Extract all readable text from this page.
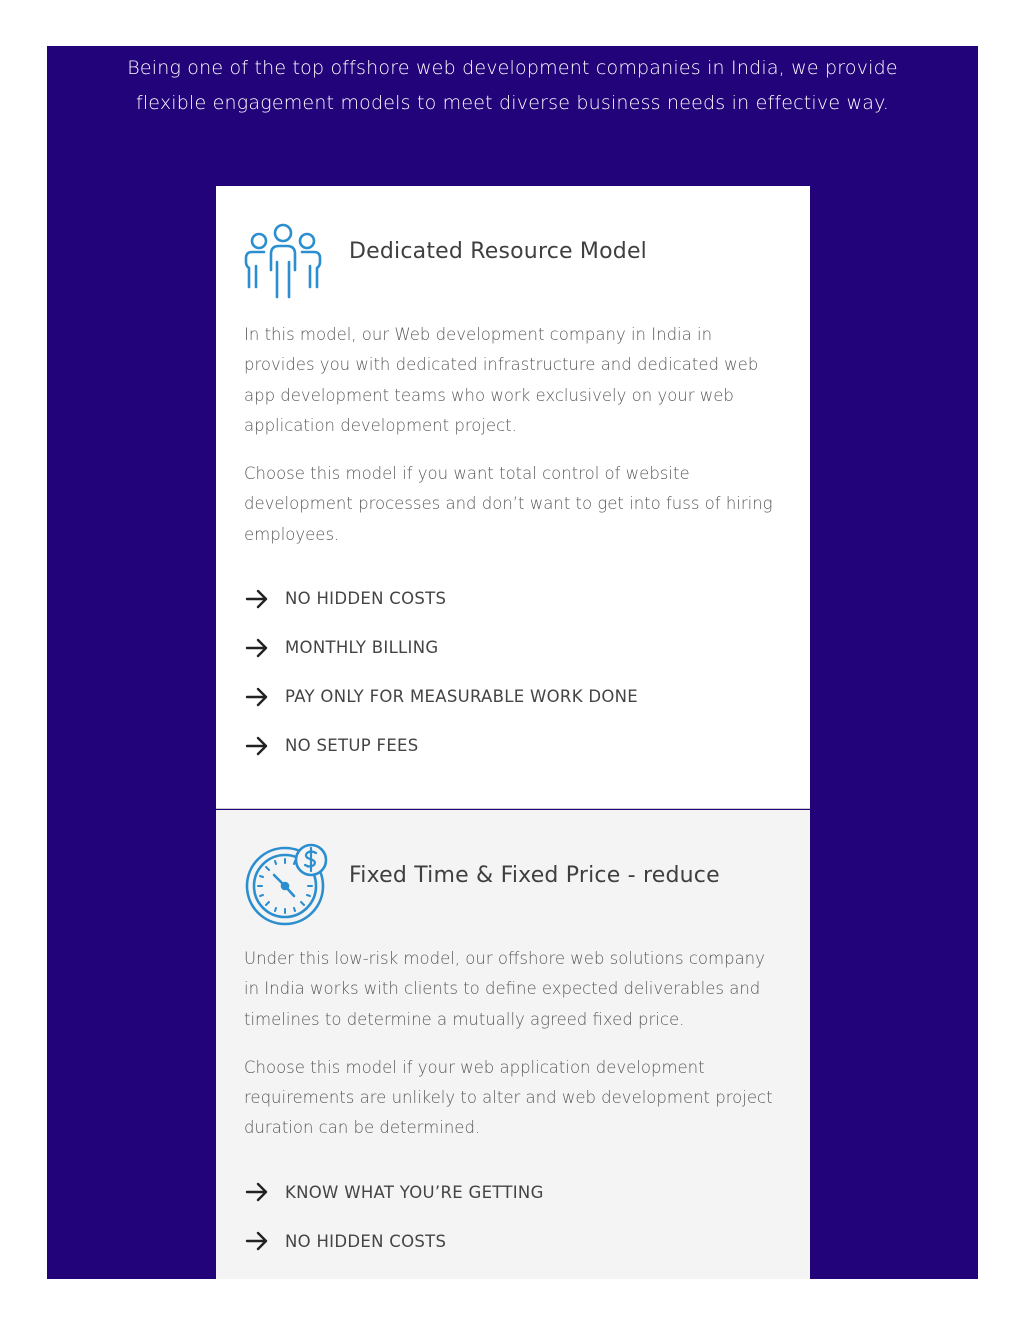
Being one of the top offshore web development companies in India, we provide flexible engagement models to meet diverse business needs in effective way.

Dedicated Resource Model

In this model, our Web development company in India in provides you with dedicated infrastructure and dedicated web app development teams who work exclusively on your web application development project.

Choose this model if you want total control of website development processes and don’t want to get into fuss of hiring employees.

NO HIDDEN COSTS
MONTHLY BILLING
PAY ONLY FOR MEASURABLE WORK DONE
NO SETUP FEES
Fixed Time & Fixed Price - reduce

Under this low-risk model, our offshore web solutions company in India works with clients to define expected deliverables and timelines to determine a mutually agreed fixed price.

Choose this model if your web application development requirements are unlikely to alter and web development project duration can be determined.

KNOW WHAT YOU’RE GETTING
NO HIDDEN COSTS
